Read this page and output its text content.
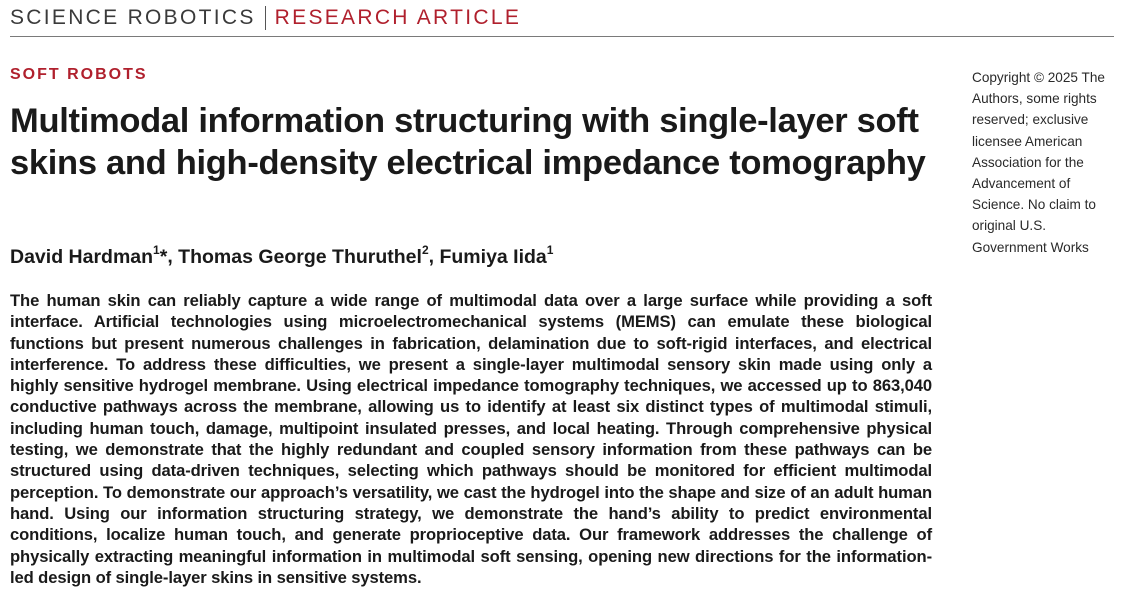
SCIENCE ROBOTICS RESEARCH ARTICLE
SOFT ROBOTS
Multimodal information structuring with single-layer soft skins and high-density electrical impedance tomography
David Hardman$^1$*, Thomas George Thuruthel$^2$, Fumiya Iida$^1$

The human skin can reliably capture a wide range of multimodal data over a large surface while providing a soft interface. Artificial technologies using microelectromechanical systems (MEMS) can emulate these biological functions but present numerous challenges in fabrication, delamination due to soft-rigid interfaces, and electrical interference. To address these difficulties, we present a single-layer multimodal sensory skin made using only a highly sensitive hydrogel membrane. Using electrical impedance tomography techniques, we accessed up to 863,040 conductive pathways across the membrane, allowing us to identify at least six distinct types of multimodal stimuli, including human touch, damage, multipoint insulated presses, and local heating. Through comprehensive physical testing, we demonstrate that the highly redundant and coupled sensory information from these pathways can be structured using data-driven techniques, selecting which pathways should be monitored for efficient multimodal perception. To demonstrate our approach’s versatility, we cast the hydrogel into the shape and size of an adult human hand. Using our information structuring strategy, we demonstrate the hand’s ability to predict environmental conditions, localize human touch, and generate proprioceptive data. Our framework addresses the challenge of physically extracting meaningful information in multimodal soft sensing, opening new directions for the information-led design of single-layer skins in sensitive systems.

Copyright © 2025 The Authors, some rights reserved; exclusive licensee American Association for the Advancement of Science. No claim to original U.S. Government Works
